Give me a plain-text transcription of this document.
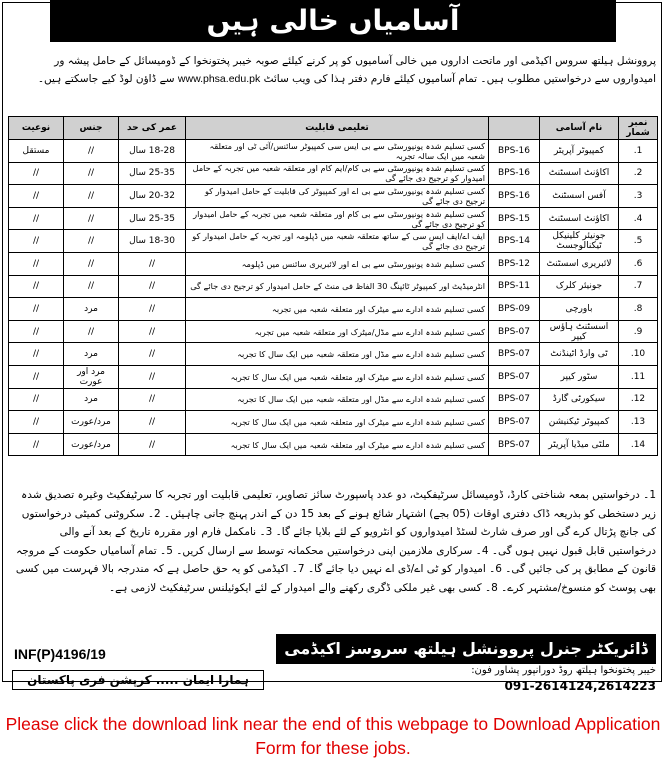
آسامیاں خالی ہیں
پروونشل ہیلتھ سروس اکیڈمی اور ماتحت اداروں میں خالی آسامیوں کو پر کرنے کیلئے صوبہ خیبر پختونخوا کے ڈومیسائل کے حامل پیشہ ور امیدواروں سے درخواستیں مطلوب ہیں۔ تمام آسامیوں کیلئے فارم دفتر ہذا کی ویب سائٹ www.phsa.edu.pk سے ڈاؤن لوڈ کیے جاسکتے ہیں۔
نمبر شمار	نام آسامی		تعلیمی قابلیت	عمر کی حد	جنس	نوعیت
1.	کمپیوٹر آپریٹر	BPS-16	کسی تسلیم شدہ یونیورسٹی سے بی ایس سی کمپیوٹر سائنس/آئی ٹی اور متعلقہ شعبہ میں ایک سالہ تجربہ	18-28 سال	//	مستقل
2.	اکاؤنٹ اسسٹنٹ	BPS-16	کسی تسلیم شدہ یونیورسٹی سے بی کام/ایم کام اور متعلقہ شعبہ میں تجربہ کے حامل امیدوار کو ترجیح دی جائے گی	25-35 سال	//	//
3.	آفس اسسٹنٹ	BPS-16	کسی تسلیم شدہ یونیورسٹی سے بی اے اور کمپیوٹر کی قابلیت کے حامل امیدوار کو ترجیح دی جائے گی	20-32 سال	//	//
4.	اکاؤنٹ اسسٹنٹ	BPS-15	کسی تسلیم شدہ یونیورسٹی سے بی کام اور متعلقہ شعبہ میں تجربہ کے حامل امیدوار کو ترجیح دی جائے گی	25-35 سال	//	//
5.	جونیئر کلینیکل ٹیکنالوجسٹ	BPS-14	ایف اے/ایف ایس سی کے ساتھ متعلقہ شعبہ میں ڈپلومہ اور تجربہ کے حامل امیدوار کو ترجیح دی جائے گی	18-30 سال	//	//
6.	لائبریری اسسٹنٹ	BPS-12	کسی تسلیم شدہ یونیورسٹی سے بی اے اور لائبریری سائنس میں ڈپلومہ	//	//	//
7.	جونیئر کلرک	BPS-11	انٹرمیڈیٹ اور کمپیوٹر ٹائپنگ 30 الفاظ فی منٹ کے حامل امیدوار کو ترجیح دی جائے گی	//	//	//
8.	باورچی	BPS-09	کسی تسلیم شدہ ادارے سے میٹرک اور متعلقہ شعبہ میں تجربہ	//	مرد	//
9.	اسسٹنٹ ہاؤس کیپر	BPS-07	کسی تسلیم شدہ ادارے سے مڈل/میٹرک اور متعلقہ شعبہ میں تجربہ	//	//	//
10.	ٹی وارڈ اٹینڈنٹ	BPS-07	کسی تسلیم شدہ ادارے سے مڈل اور متعلقہ شعبہ میں ایک سال کا تجربہ	//	مرد	//
11.	سٹور کیپر	BPS-07	کسی تسلیم شدہ ادارے سے میٹرک اور متعلقہ شعبہ میں ایک سال کا تجربہ	//	مرد اور عورت	//
12.	سیکورٹی گارڈ	BPS-07	کسی تسلیم شدہ ادارے سے مڈل اور متعلقہ شعبہ میں ایک سال کا تجربہ	//	مرد	//
13.	کمپیوٹر ٹیکنیشن	BPS-07	کسی تسلیم شدہ ادارے سے میٹرک اور متعلقہ شعبہ میں ایک سال کا تجربہ	//	مرد/عورت	//
14.	ملٹی میڈیا آپریٹر	BPS-07	کسی تسلیم شدہ ادارے سے میٹرک اور متعلقہ شعبہ میں ایک سال کا تجربہ	//	مرد/عورت	//
1۔ درخواستیں بمعہ شناختی کارڈ، ڈومیسائل سرٹیفکیٹ، دو عدد پاسپورٹ سائز تصاویر، تعلیمی قابلیت اور تجربہ کا سرٹیفکیٹ وغیرہ تصدیق شدہ زیر دستخطی کو بذریعہ ڈاک دفتری اوقات (05 بجے) اشتہار شائع ہونے کے بعد 15 دن کے اندر پہنچ جانی چاہیئں۔ 2۔ سکروٹنی کمیٹی درخواستوں کی جانچ پڑتال کرے گی اور صرف شارٹ لسٹڈ امیدواروں کو انٹرویو کے لئے بلایا جائے گا۔ 3۔ نامکمل فارم اور مقررہ تاریخ کے بعد آنے والی درخواستیں قابل قبول نہیں ہوں گی۔ 4۔ سرکاری ملازمین اپنی درخواستیں محکمانہ توسط سے ارسال کریں۔ 5۔ تمام آسامیاں حکومت کے مروجہ قانون کے مطابق پر کی جائیں گی۔ 6۔ امیدوار کو ٹی اے/ڈی اے نہیں دیا جائے گا۔ 7۔ اکیڈمی کو یہ حق حاصل ہے کہ مندرجہ بالا فہرست میں کسی بھی پوسٹ کو منسوخ/مشتہر کرے۔ 8۔ کسی بھی غیر ملکی ڈگری رکھنے والے امیدوار کے لئے ایکوئیلنس سرٹیفکیٹ لازمی ہے۔
INF(P)4196/19
ہمارا ایمان ..... کرپشن فری پاکستان
ڈائریکٹر جنرل پروونشل ہیلتھ سروسز اکیڈمی
خیبر پختونخوا ہیلتھ روڈ دورانپور پشاور فون:
091-2614124,2614223
Please click the download link near the end of this webpage to Download Application Form for these jobs.
